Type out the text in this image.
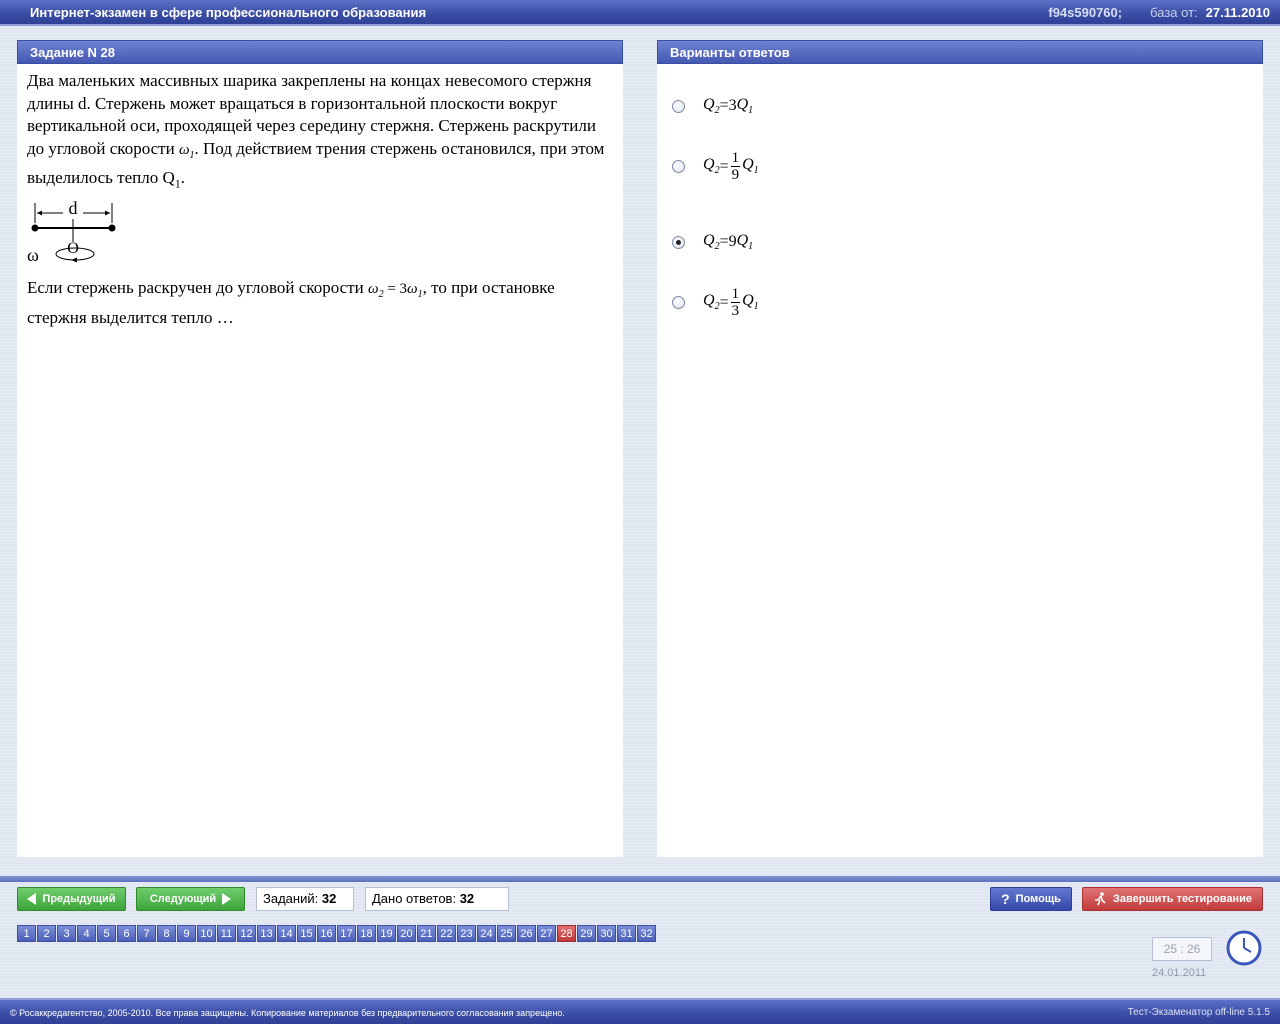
Интернет-экзамен в сфере профессионального образования	f94s590760; база от: 27.11.2010
Задание N 28
Два маленьких массивных шарика закреплены на концах невесомого стержня длины d. Стержень может вращаться в горизонтальной плоскости вокруг вертикальной оси, проходящей через середину стержня. Стержень раскрутили до угловой скорости $\omega_1$. Под действием трения стержень остановился, при этом выделилось тепло $Q_1$.
d
O
ω
Если стержень раскручен до угловой скорости $\omega_2 = 3\omega_1$, то при остановке стержня выделится тепло …
Варианты ответов
$Q_2 = 3$ $Q_1$
$Q_2 = \frac{1}{9} Q_1$
$Q_2 = 9$ $Q_1$
$Q_2 = \frac{1}{3} Q_1$
Предыдущий	Следующий	Заданий: 32	Дано ответов: 32	? Помощь	Завершить тестирование
1	2	3	4	5	6	7	8	9 10 11 12 13 14 15 16 17 18 19 20 21 22 23 24 25 26 27 28 29 30 31 32
25 : 26
24.01.2011
© Росаккредагентство, 2005-2010. Все права защищены. Копирование материалов без предварительного согласования запрещено.	Тест-Экзаменатор off-line 5.1.5
